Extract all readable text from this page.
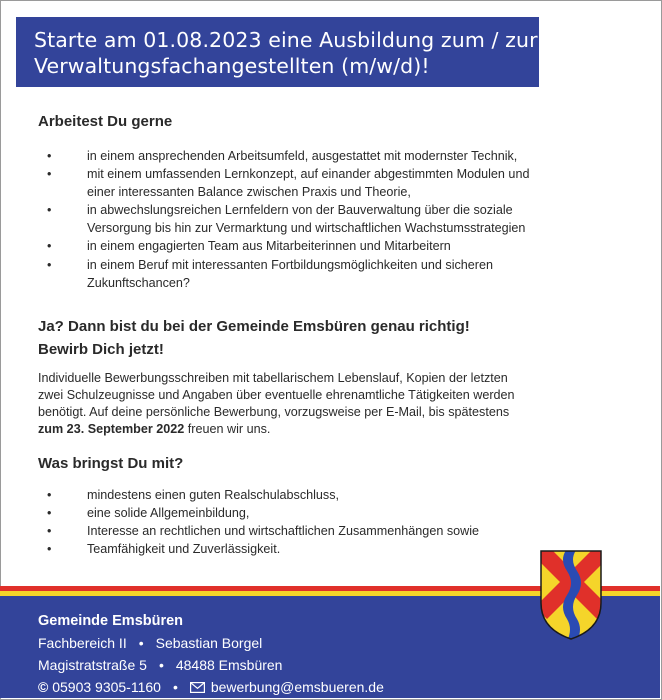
Starte am 01.08.2023 eine Ausbildung zum / zur
Verwaltungsfachangestellten (m/w/d)!
Arbeitest Du gerne
•	in einem ansprechenden Arbeitsumfeld, ausgestattet mit modernster Technik,
•	mit einem umfassenden Lernkonzept, auf einander abgestimmten Modulen und
einer interessanten Balance zwischen Praxis und Theorie,
•	in abwechslungsreichen Lernfeldern von der Bauverwaltung über die soziale
Versorgung bis hin zur Vermarktung und wirtschaftlichen Wachstumsstrategien
•	in einem engagierten Team aus Mitarbeiterinnen und Mitarbeitern
•	in einem Beruf mit interessanten Fortbildungsmöglichkeiten und sicheren
Zukunftschancen?
Ja? Dann bist du bei der Gemeinde Emsbüren genau richtig!
Bewirb Dich jetzt!

Individuelle Bewerbungsschreiben mit tabellarischem Lebenslauf, Kopien der letzten
zwei Schulzeugnisse und Angaben über eventuelle ehrenamtliche Tätigkeiten werden
benötigt. Auf deine persönliche Bewerbung, vorzugsweise per E-Mail, bis spätestens
zum 23. September 2022 freuen wir uns.

Was bringst Du mit?
•	mindestens einen guten Realschulabschluss,
•	eine solide Allgemeinbildung,
•	Interesse an rechtlichen und wirtschaftlichen Zusammenhängen sowie
•	Teamfähigkeit und Zuverlässigkeit.
Gemeinde Emsbüren
Fachbereich II • Sebastian Borgel
Magistratstraße 5 • 48488 Emsbüren
© 05903 9305-1160 • bewerbung@emsbueren.de
